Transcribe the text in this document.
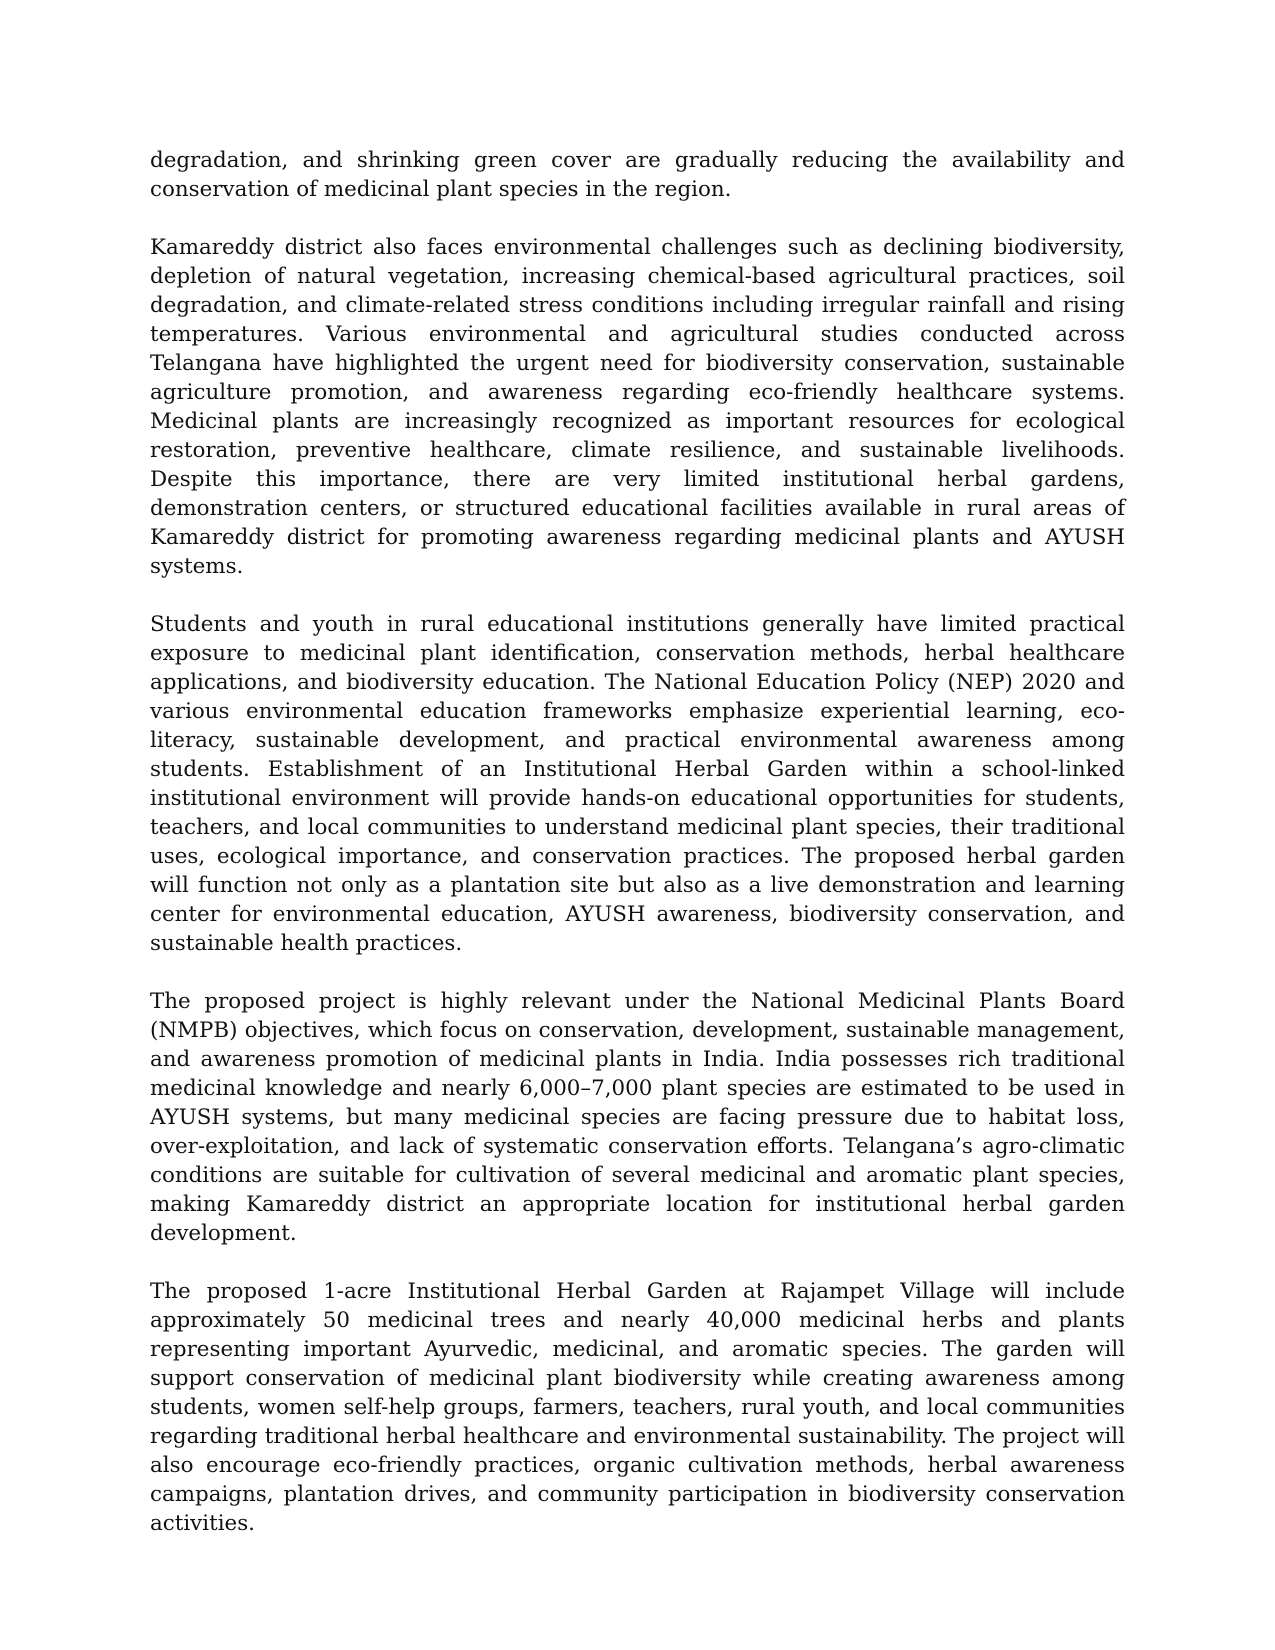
degradation, and shrinking green cover are gradually reducing the availability and conservation of medicinal plant species in the region.

Kamareddy district also faces environmental challenges such as declining biodiversity, depletion of natural vegetation, increasing chemical-based agricultural practices, soil degradation, and climate-related stress conditions including irregular rainfall and rising temperatures. Various environmental and agricultural studies conducted across Telangana have highlighted the urgent need for biodiversity conservation, sustainable agriculture promotion, and awareness regarding eco-friendly healthcare systems. Medicinal plants are increasingly recognized as important resources for ecological restoration, preventive healthcare, climate resilience, and sustainable livelihoods. Despite this importance, there are very limited institutional herbal gardens, demonstration centers, or structured educational facilities available in rural areas of Kamareddy district for promoting awareness regarding medicinal plants and AYUSH systems.

Students and youth in rural educational institutions generally have limited practical exposure to medicinal plant identification, conservation methods, herbal healthcare applications, and biodiversity education. The National Education Policy (NEP) 2020 and various environmental education frameworks emphasize experiential learning, eco-literacy, sustainable development, and practical environmental awareness among students. Establishment of an Institutional Herbal Garden within a school-linked institutional environment will provide hands-on educational opportunities for students, teachers, and local communities to understand medicinal plant species, their traditional uses, ecological importance, and conservation practices. The proposed herbal garden will function not only as a plantation site but also as a live demonstration and learning center for environmental education, AYUSH awareness, biodiversity conservation, and sustainable health practices.

The proposed project is highly relevant under the National Medicinal Plants Board (NMPB) objectives, which focus on conservation, development, sustainable management, and awareness promotion of medicinal plants in India. India possesses rich traditional medicinal knowledge and nearly 6,000–7,000 plant species are estimated to be used in AYUSH systems, but many medicinal species are facing pressure due to habitat loss, over-exploitation, and lack of systematic conservation efforts. Telangana’s agro-climatic conditions are suitable for cultivation of several medicinal and aromatic plant species, making Kamareddy district an appropriate location for institutional herbal garden development.

The proposed 1-acre Institutional Herbal Garden at Rajampet Village will include approximately 50 medicinal trees and nearly 40,000 medicinal herbs and plants representing important Ayurvedic, medicinal, and aromatic species. The garden will support conservation of medicinal plant biodiversity while creating awareness among students, women self-help groups, farmers, teachers, rural youth, and local communities regarding traditional herbal healthcare and environmental sustainability. The project will also encourage eco-friendly practices, organic cultivation methods, herbal awareness campaigns, plantation drives, and community participation in biodiversity conservation activities.
